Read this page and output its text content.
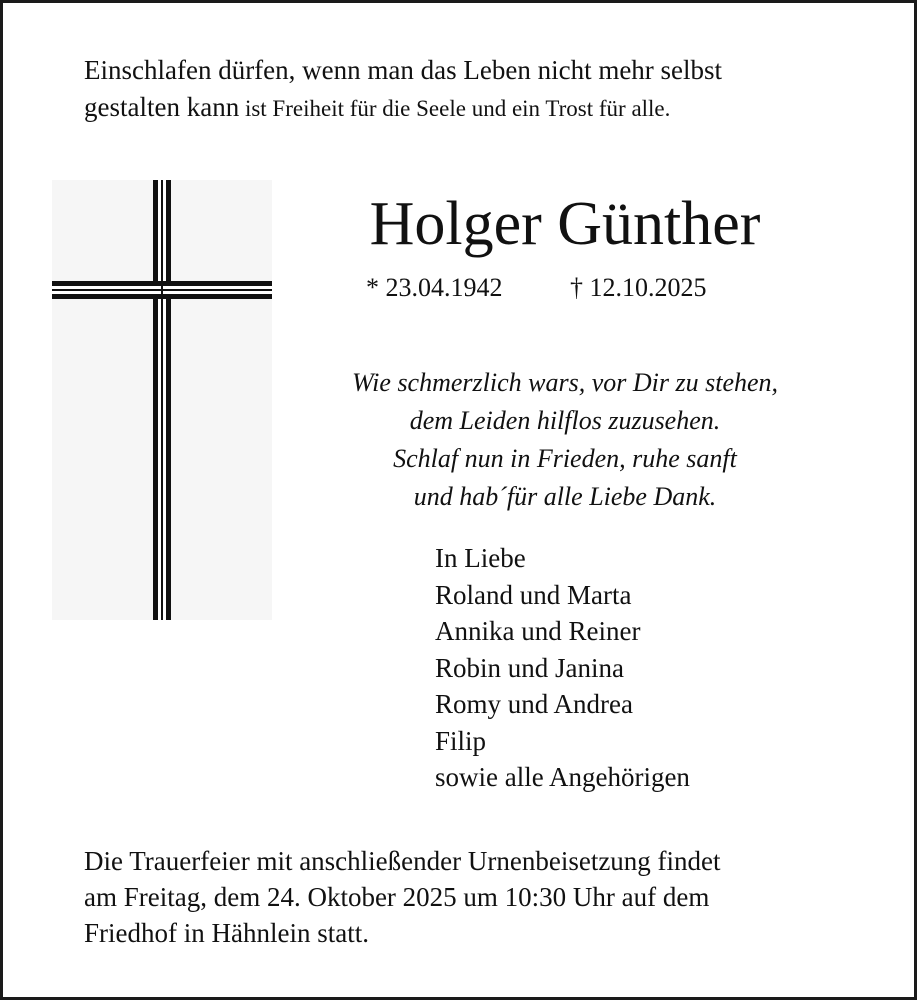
Einschlafen dürfen, wenn man das Leben nicht mehr selbst
gestalten kann ist Freiheit für die Seele und ein Trost für alle.
Holger Günther
* 23.04.1942	† 12.10.2025
Wie schmerzlich wars, vor Dir zu stehen,
dem Leiden hilflos zuzusehen.
Schlaf nun in Frieden, ruhe sanft
und hab´für alle Liebe Dank.
In Liebe
Roland und Marta
Annika und Reiner
Robin und Janina
Romy und Andrea
Filip
sowie alle Angehörigen
Die Trauerfeier mit anschließender Urnenbeisetzung findet
am Freitag, dem 24. Oktober 2025 um 10:30 Uhr auf dem
Friedhof in Hähnlein statt.
